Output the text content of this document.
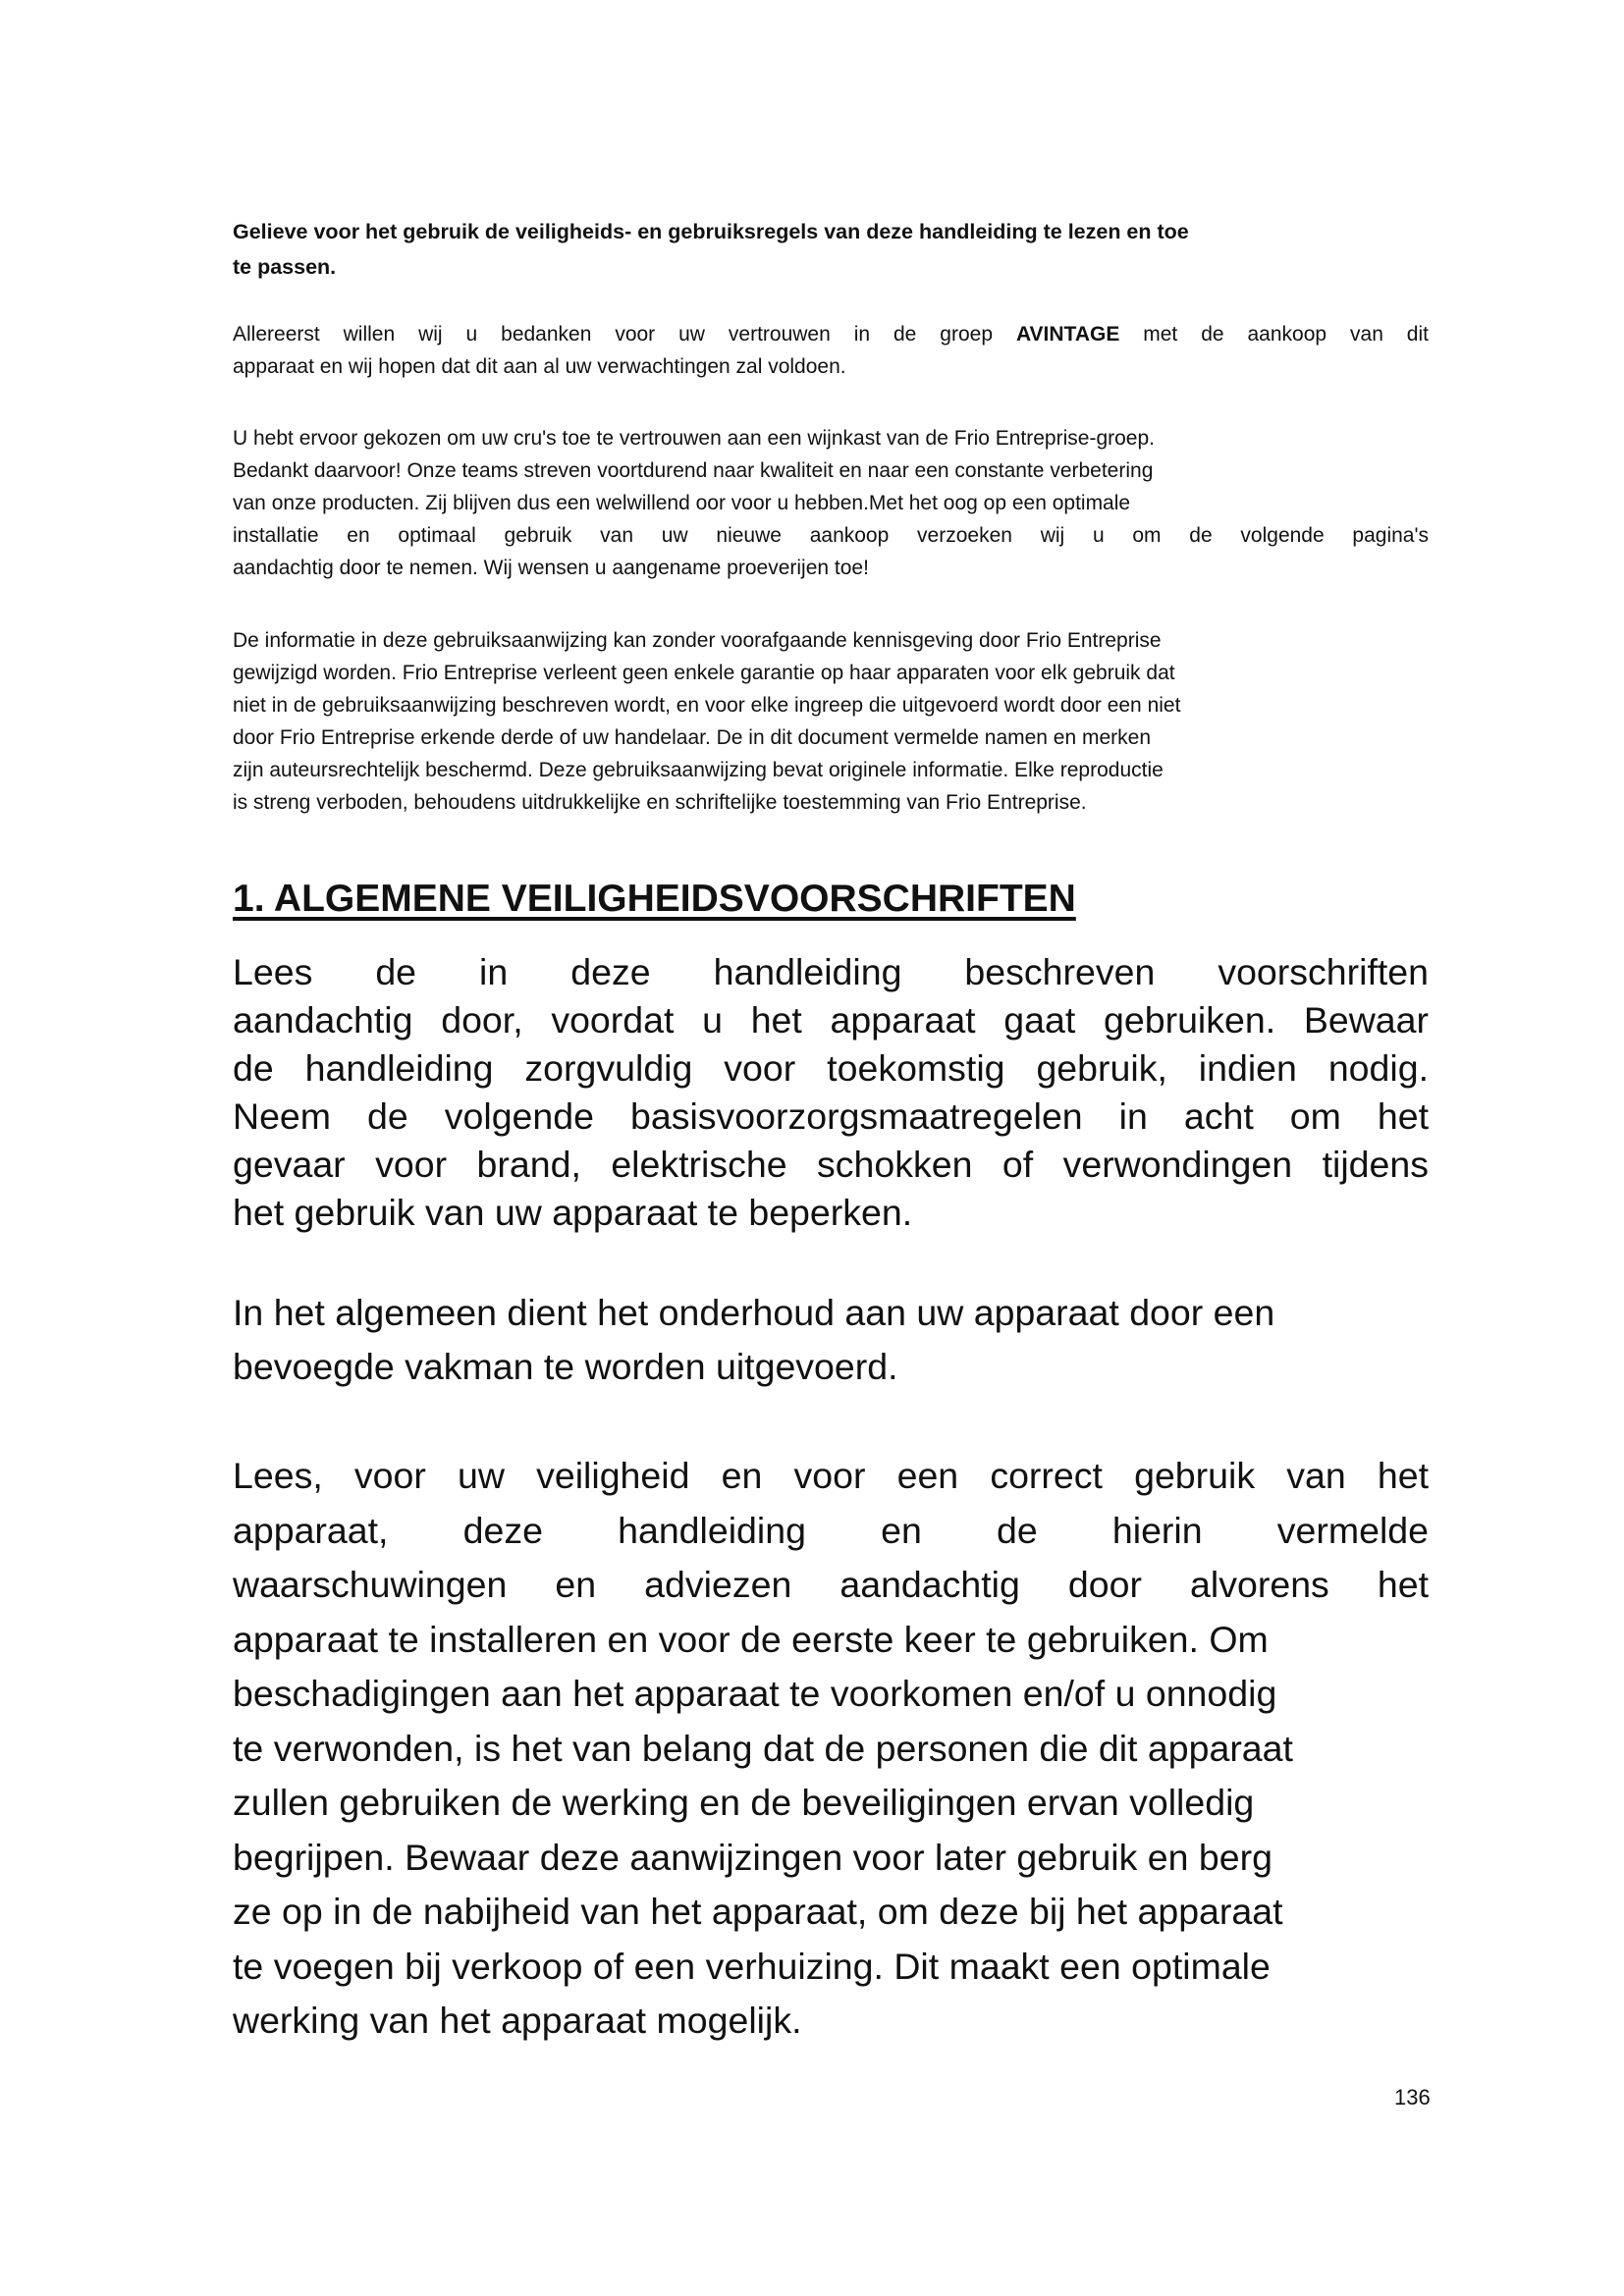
Gelieve voor het gebruik de veiligheids- en gebruiksregels van deze handleiding te lezen en toe
te passen.
Allereerst willen wij u bedanken voor uw vertrouwen in de groep AVINTAGE met de aankoop van dit
apparaat en wij hopen dat dit aan al uw verwachtingen zal voldoen.
U hebt ervoor gekozen om uw cru's toe te vertrouwen aan een wijnkast van de Frio Entreprise-groep.
Bedankt daarvoor! Onze teams streven voortdurend naar kwaliteit en naar een constante verbetering
van onze producten. Zij blijven dus een welwillend oor voor u hebben.Met het oog op een optimale
installatie en optimaal gebruik van uw nieuwe aankoop verzoeken wij u om de volgende pagina's
aandachtig door te nemen. Wij wensen u aangename proeverijen toe!
De informatie in deze gebruiksaanwijzing kan zonder voorafgaande kennisgeving door Frio Entreprise
gewijzigd worden. Frio Entreprise verleent geen enkele garantie op haar apparaten voor elk gebruik dat
niet in de gebruiksaanwijzing beschreven wordt, en voor elke ingreep die uitgevoerd wordt door een niet
door Frio Entreprise erkende derde of uw handelaar. De in dit document vermelde namen en merken
zijn auteursrechtelijk beschermd. Deze gebruiksaanwijzing bevat originele informatie. Elke reproductie
is streng verboden, behoudens uitdrukkelijke en schriftelijke toestemming van Frio Entreprise.
1. ALGEMENE VEILIGHEIDSVOORSCHRIFTEN
Lees de in deze handleiding beschreven voorschriften
aandachtig door, voordat u het apparaat gaat gebruiken. Bewaar
de handleiding zorgvuldig voor toekomstig gebruik, indien nodig.
Neem de volgende basisvoorzorgsmaatregelen in acht om het
gevaar voor brand, elektrische schokken of verwondingen tijdens
het gebruik van uw apparaat te beperken.
In het algemeen dient het onderhoud aan uw apparaat door een
bevoegde vakman te worden uitgevoerd.
Lees, voor uw veiligheid en voor een correct gebruik van het
apparaat, deze handleiding en de hierin vermelde
waarschuwingen en adviezen aandachtig door alvorens het
apparaat te installeren en voor de eerste keer te gebruiken. Om
beschadigingen aan het apparaat te voorkomen en/of u onnodig
te verwonden, is het van belang dat de personen die dit apparaat
zullen gebruiken de werking en de beveiligingen ervan volledig
begrijpen. Bewaar deze aanwijzingen voor later gebruik en berg
ze op in de nabijheid van het apparaat, om deze bij het apparaat
te voegen bij verkoop of een verhuizing. Dit maakt een optimale
werking van het apparaat mogelijk.
136
